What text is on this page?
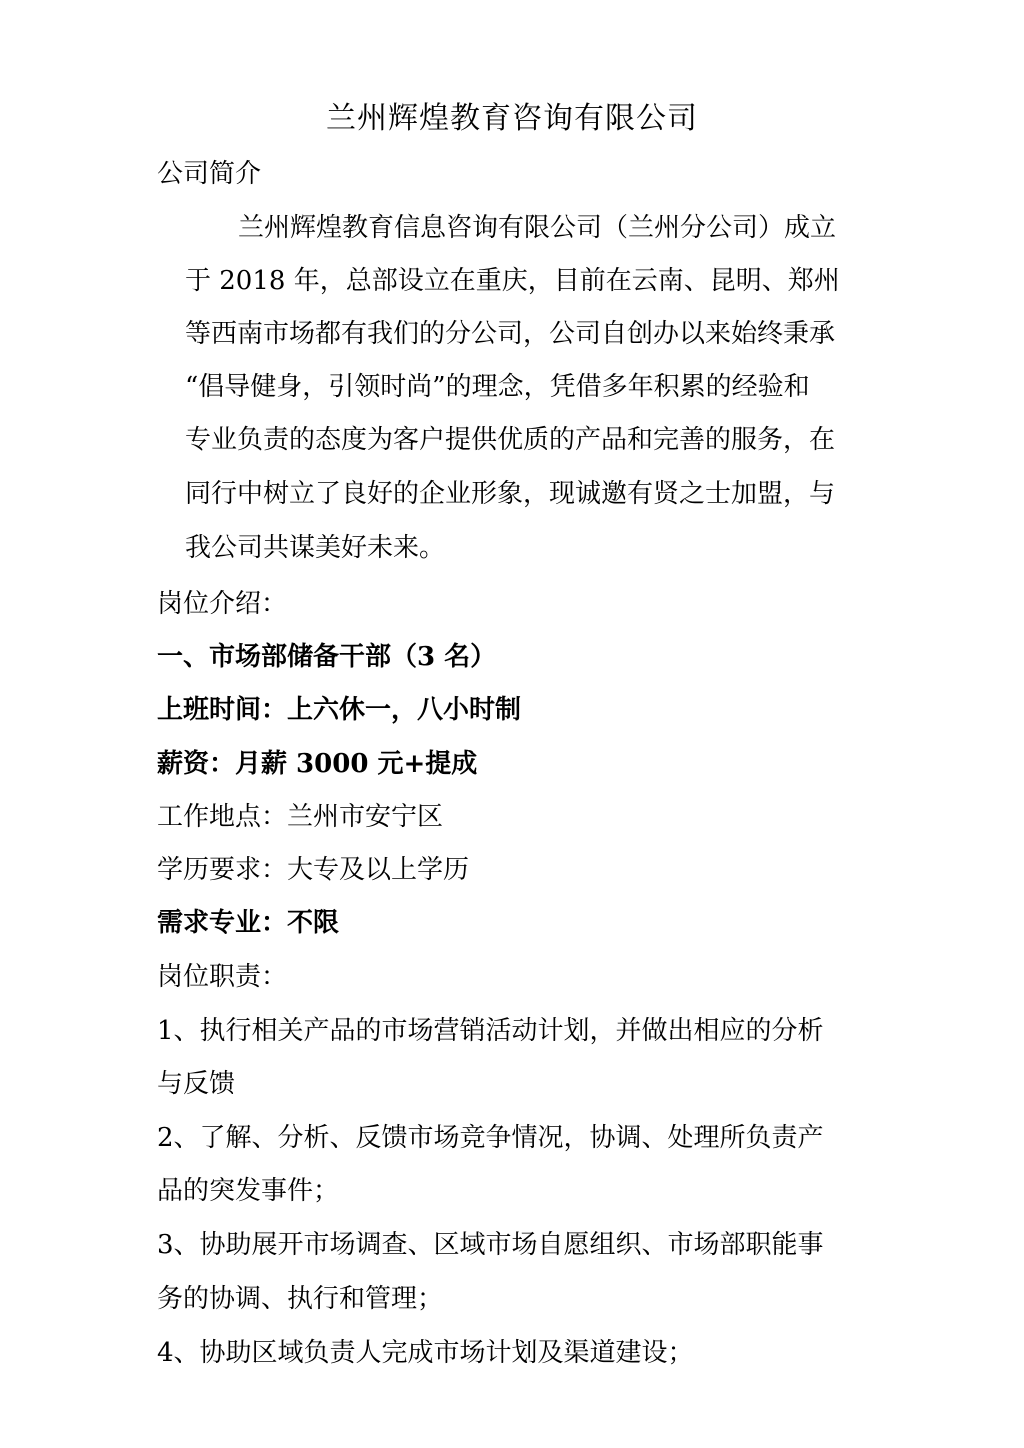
兰州辉煌教育咨询有限公司
公司简介
兰州辉煌教育信息咨询有限公司（兰州分公司）成立
于 2018 年，总部设立在重庆，目前在云南、昆明、郑州
等西南市场都有我们的分公司，公司自创办以来始终秉承
“倡导健身，引领时尚”的理念，凭借多年积累的经验和
专业负责的态度为客户提供优质的产品和完善的服务，在
同行中树立了良好的企业形象，现诚邀有贤之士加盟，与
我公司共谋美好未来。
岗位介绍：
一、市场部储备干部（3 名）
上班时间：上六休一，八小时制
薪资：月薪 3000 元+提成
工作地点：兰州市安宁区
学历要求：大专及以上学历
需求专业：不限
岗位职责：
1、执行相关产品的市场营销活动计划，并做出相应的分析
与反馈
2、了解、分析、反馈市场竞争情况，协调、处理所负责产
品的突发事件；
3、协助展开市场调查、区域市场自愿组织、市场部职能事
务的协调、执行和管理；
4、协助区域负责人完成市场计划及渠道建设；
